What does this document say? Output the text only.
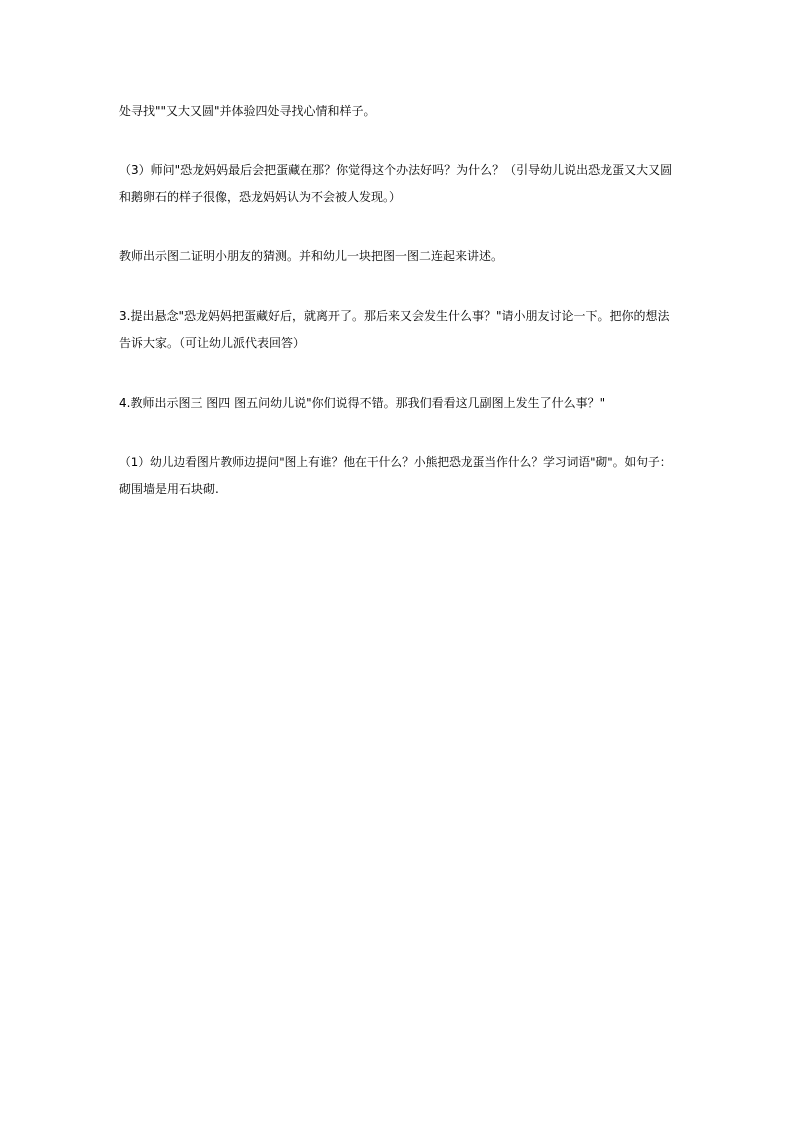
处寻找""又大又圆"并体验四处寻找心情和样子。
（3）师问"恐龙妈妈最后会把蛋藏在那？你觉得这个办法好吗？为什么？（引导幼儿说出恐龙蛋又大又圆
和鹅卵石的样子很像，恐龙妈妈认为不会被人发现。）
教师出示图二证明小朋友的猜测。并和幼儿一块把图一图二连起来讲述。
3.提出悬念"恐龙妈妈把蛋藏好后，就离开了。那后来又会发生什么事？"请小朋友讨论一下。把你的想法
告诉大家。（可让幼儿派代表回答）
4.教师出示图三 图四 图五问幼儿说"你们说得不错。那我们看看这几副图上发生了什么事？"
（1）幼儿边看图片教师边提问"图上有谁？他在干什么？小熊把恐龙蛋当作什么？学习词语"砌"。如句子：
砌围墙是用石块砌.
